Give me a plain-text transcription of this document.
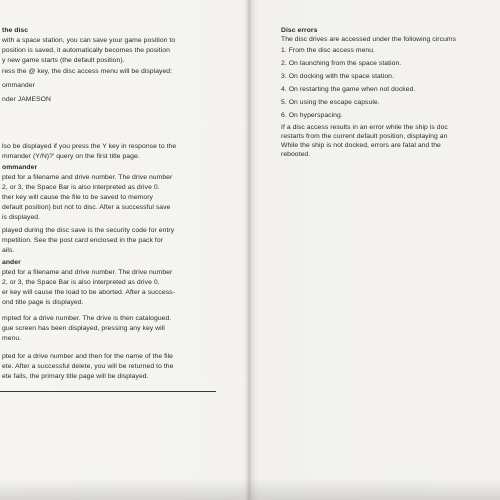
the disc
with a space station, you can save your game position to
position is saved, it automatically becomes the position
y new game starts (the default position).
ress the @ key, the disc access menu will be displayed:
ommander
nder JAMESON
lso be displayed if you press the Y key in response to the
mmander (Y/N)?' query on the first title page.
ommander
pted for a filename and drive number. The drive number
2, or 3, the Space Bar is also interpreted as drive 0.
ther key will cause the file to be saved to memory
default position) but not to disc. After a successful save
is displayed.
played during the disc save is the security code for entry
mpetition. See the post card enclosed in the pack for
ails.
ander
pted for a filename and drive number. The drive number
2, or 3, the Space Bar is also interpreted as drive 0.
er key will cause the load to be aborted. After a success-
ond title page is displayed.
mpted for a drive number. The drive is then catalogued.
gue screen has been displayed, pressing any key will
menu.
pted for a drive number and then for the name of the file
ete. After a successful delete, you will be returned to the
ete fails, the primary title page will be displayed.
Disc errors
The disc drives are accessed under the following circums
1. From the disc access menu.
2. On launching from the space station.
3. On docking with the space station.
4. On restarting the game when not docked.
5. On using the escape capsule.
6. On hyperspacing.
If a disc access results in an error while the ship is doc
restarts from the current default position, displaying an
While the ship is not docked, errors are fatal and the
rebooted.
